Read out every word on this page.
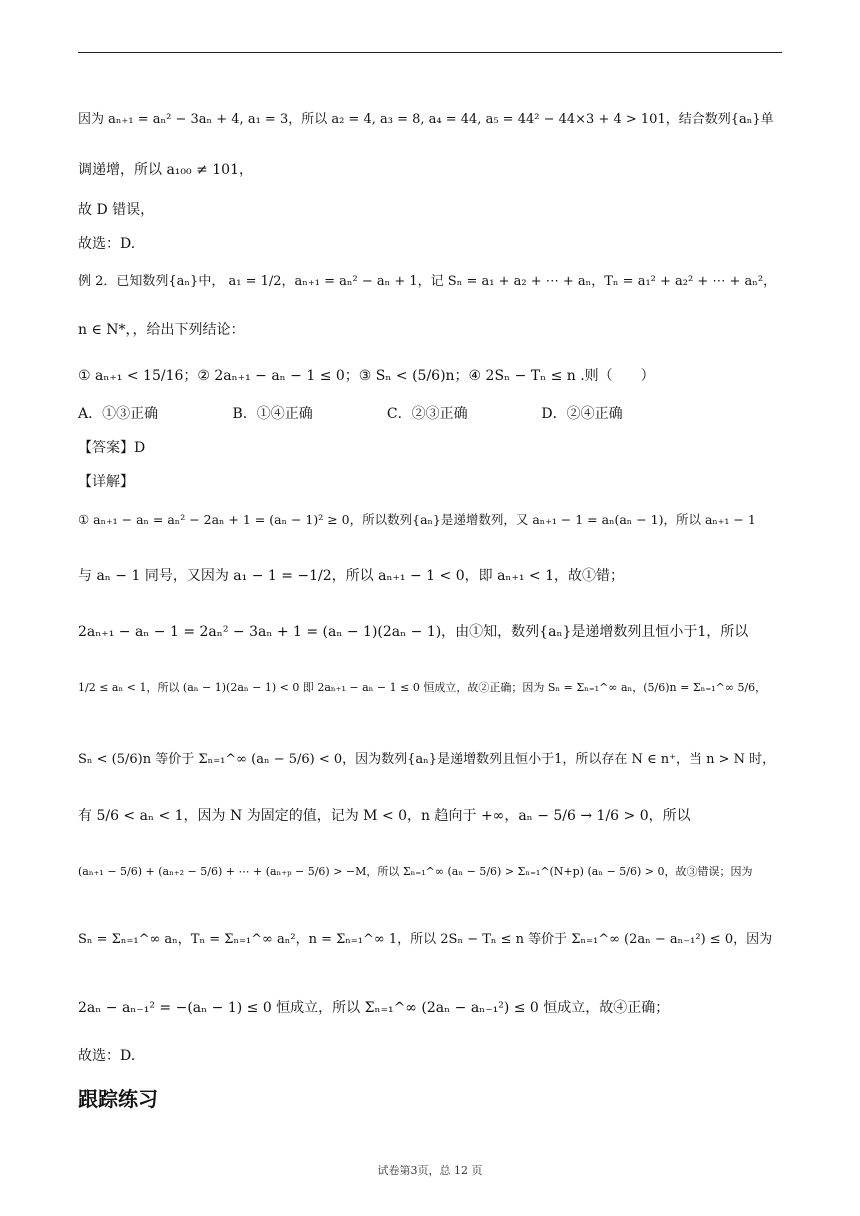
因为 aₙ₊₁ = aₙ² − 3aₙ + 4, a₁ = 3，所以 a₂ = 4, a₃ = 8, a₄ = 44, a₅ = 44² − 44×3 + 4 > 101，结合数列{aₙ}单
调递增，所以 a₁₀₀ ≠ 101，
故 D 错误，
故选：D.
例 2．已知数列{aₙ}中， a₁ = 1/2，aₙ₊₁ = aₙ² − aₙ + 1，记 Sₙ = a₁ + a₂ + ⋯ + aₙ，Tₙ = a₁² + a₂² + ⋯ + aₙ²，
n ∈ N*，，给出下列结论：
① aₙ₊₁ < 15/16；② 2aₙ₊₁ − aₙ − 1 ≤ 0；③ Sₙ < (5/6)n；④ 2Sₙ − Tₙ ≤ n .则（　　）
A．①③正确	B．①④正确	C．②③正确	D．②④正确
【答案】D
【详解】
① aₙ₊₁ − aₙ = aₙ² − 2aₙ + 1 = (aₙ − 1)² ≥ 0，所以数列{aₙ}是递增数列，又 aₙ₊₁ − 1 = aₙ(aₙ − 1)，所以 aₙ₊₁ − 1
与 aₙ − 1 同号，又因为 a₁ − 1 = −1/2，所以 aₙ₊₁ − 1 < 0，即 aₙ₊₁ < 1，故①错；
2aₙ₊₁ − aₙ − 1 = 2aₙ² − 3aₙ + 1 = (aₙ − 1)(2aₙ − 1)，由①知，数列{aₙ}是递增数列且恒小于1，所以
1/2 ≤ aₙ < 1，所以 (aₙ − 1)(2aₙ − 1) < 0 即 2aₙ₊₁ − aₙ − 1 ≤ 0 恒成立，故②正确；因为 Sₙ = Σₙ₌₁^∞ aₙ，(5/6)n = Σₙ₌₁^∞ 5/6，
Sₙ < (5/6)n 等价于 Σₙ₌₁^∞ (aₙ − 5/6) < 0，因为数列{aₙ}是递增数列且恒小于1，所以存在 N ∈ n⁺，当 n > N 时，
有 5/6 < aₙ < 1，因为 N 为固定的值，记为 M < 0，n 趋向于 +∞，aₙ − 5/6 → 1/6 > 0，所以
(aₙ₊₁ − 5/6) + (aₙ₊₂ − 5/6) + ⋯ + (aₙ₊ₚ − 5/6) > −M，所以 Σₙ₌₁^∞ (aₙ − 5/6) > Σₙ₌₁^(N+p) (aₙ − 5/6) > 0，故③错误；因为
Sₙ = Σₙ₌₁^∞ aₙ，Tₙ = Σₙ₌₁^∞ aₙ²，n = Σₙ₌₁^∞ 1，所以 2Sₙ − Tₙ ≤ n 等价于 Σₙ₌₁^∞ (2aₙ − aₙ₋₁²) ≤ 0，因为
2aₙ − aₙ₋₁² = −(aₙ − 1) ≤ 0 恒成立，所以 Σₙ₌₁^∞ (2aₙ − aₙ₋₁²) ≤ 0 恒成立，故④正确；
故选：D.
跟踪练习
试卷第3页，总 12 页
